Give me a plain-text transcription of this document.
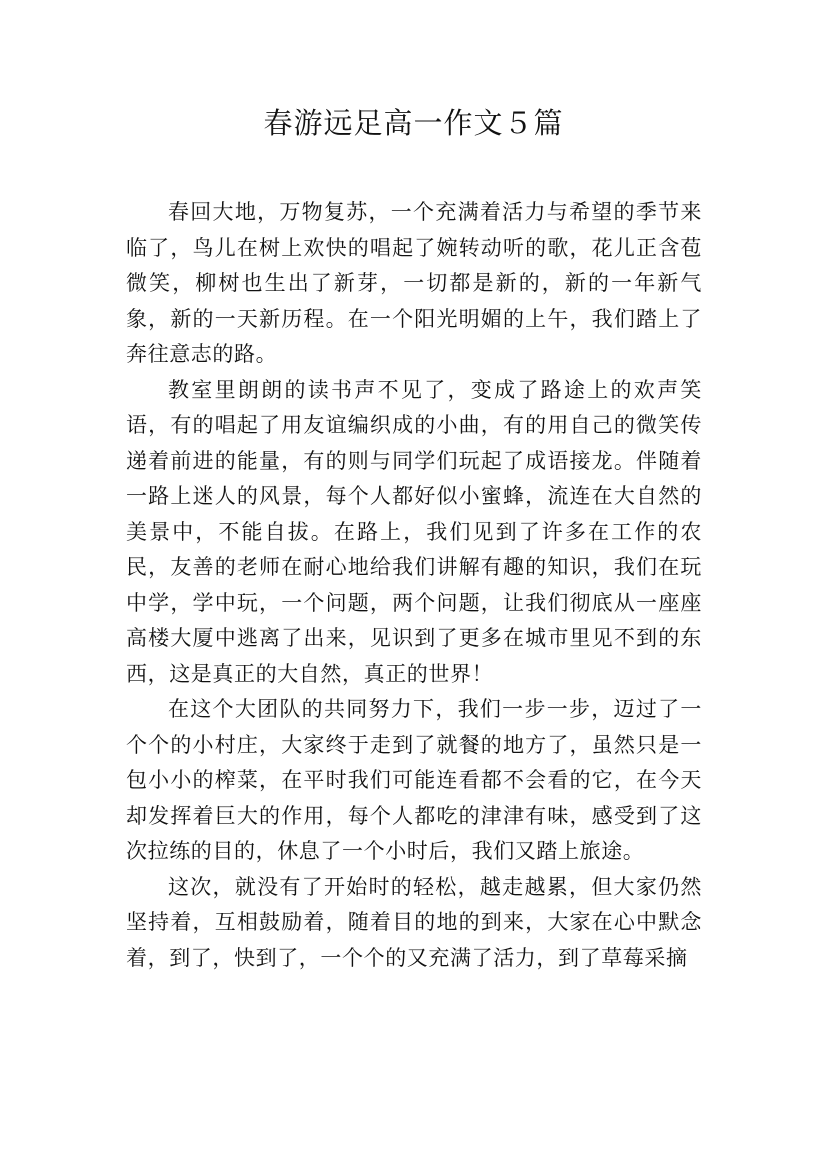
春游远足高一作文５篇

春回大地，万物复苏，一个充满着活力与希望的季节来临了，鸟儿在树上欢快的唱起了婉转动听的歌，花儿正含苞微笑，柳树也生出了新芽，一切都是新的，新的一年新气象，新的一天新历程。在一个阳光明媚的上午，我们踏上了奔往意志的路。

教室里朗朗的读书声不见了，变成了路途上的欢声笑语，有的唱起了用友谊编织成的小曲，有的用自己的微笑传递着前进的能量，有的则与同学们玩起了成语接龙。伴随着一路上迷人的风景，每个人都好似小蜜蜂，流连在大自然的美景中，不能自拔。在路上，我们见到了许多在工作的农民，友善的老师在耐心地给我们讲解有趣的知识，我们在玩中学，学中玩，一个问题，两个问题，让我们彻底从一座座高楼大厦中逃离了出来，见识到了更多在城市里见不到的东西，这是真正的大自然，真正的世界！

在这个大团队的共同努力下，我们一步一步，迈过了一个个的小村庄，大家终于走到了就餐的地方了，虽然只是一包小小的榨菜，在平时我们可能连看都不会看的它，在今天却发挥着巨大的作用，每个人都吃的津津有味，感受到了这次拉练的目的，休息了一个小时后，我们又踏上旅途。

这次，就没有了开始时的轻松，越走越累，但大家仍然坚持着，互相鼓励着，随着目的地的到来，大家在心中默念着，到了，快到了，一个个的又充满了活力，到了草莓采摘
